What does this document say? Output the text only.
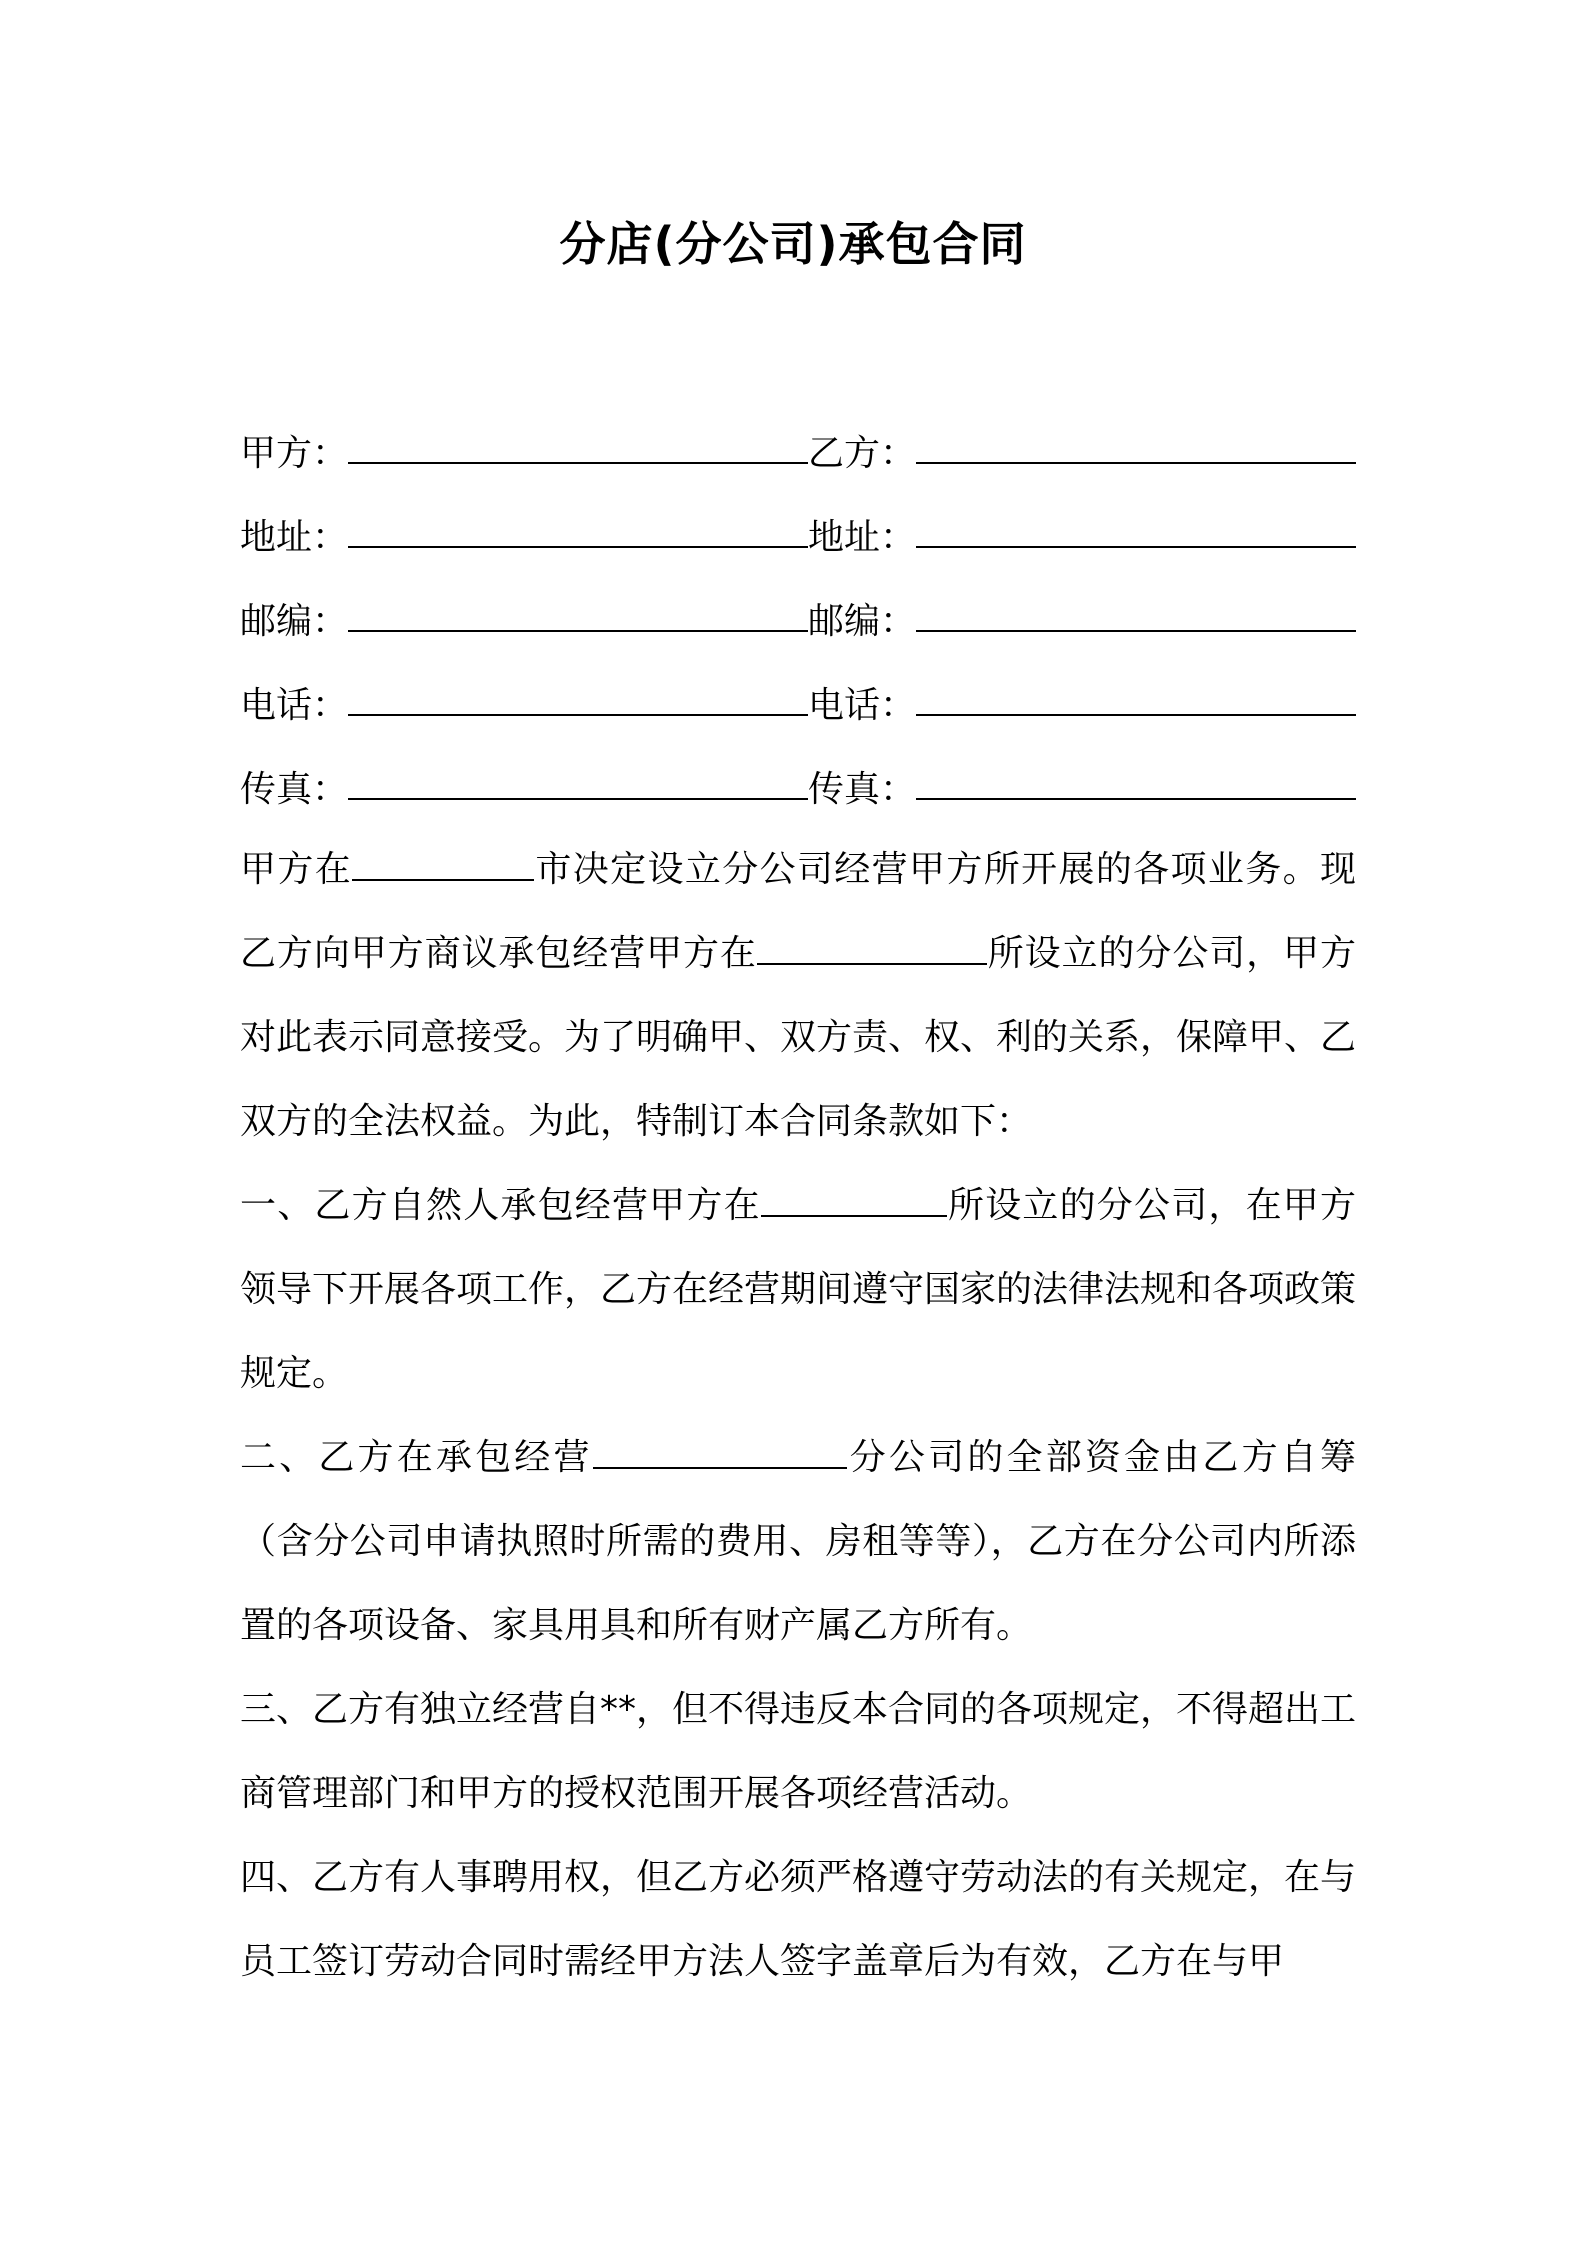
分店(分公司)承包合同
甲方：	乙方：
地址：	地址：
邮编：	邮编：
电话：	电话：
传真：	传真：

甲方在	市决定设立分公司经营甲方所开展的各项业务。现乙方向甲方商议承包经营甲方在	所设立的分公司，甲方对此表示同意接受。为了明确甲、双方责、权、利的关系，保障甲、乙双方的全法权益。为此，特制订本合同条款如下：

一、乙方自然人承包经营甲方在	所设立的分公司，在甲方领导下开展各项工作，乙方在经营期间遵守国家的法律法规和各项政策规定。

二、乙方在承包经营	分公司的全部资金由乙方自筹（含分公司申请执照时所需的费用、房租等等），乙方在分公司内所添置的各项设备、家具用具和所有财产属乙方所有。

三、乙方有独立经营自**，但不得违反本合同的各项规定，不得超出工商管理部门和甲方的授权范围开展各项经营活动。

四、乙方有人事聘用权，但乙方必须严格遵守劳动法的有关规定，在与员工签订劳动合同时需经甲方法人签字盖章后为有效，乙方在与甲
